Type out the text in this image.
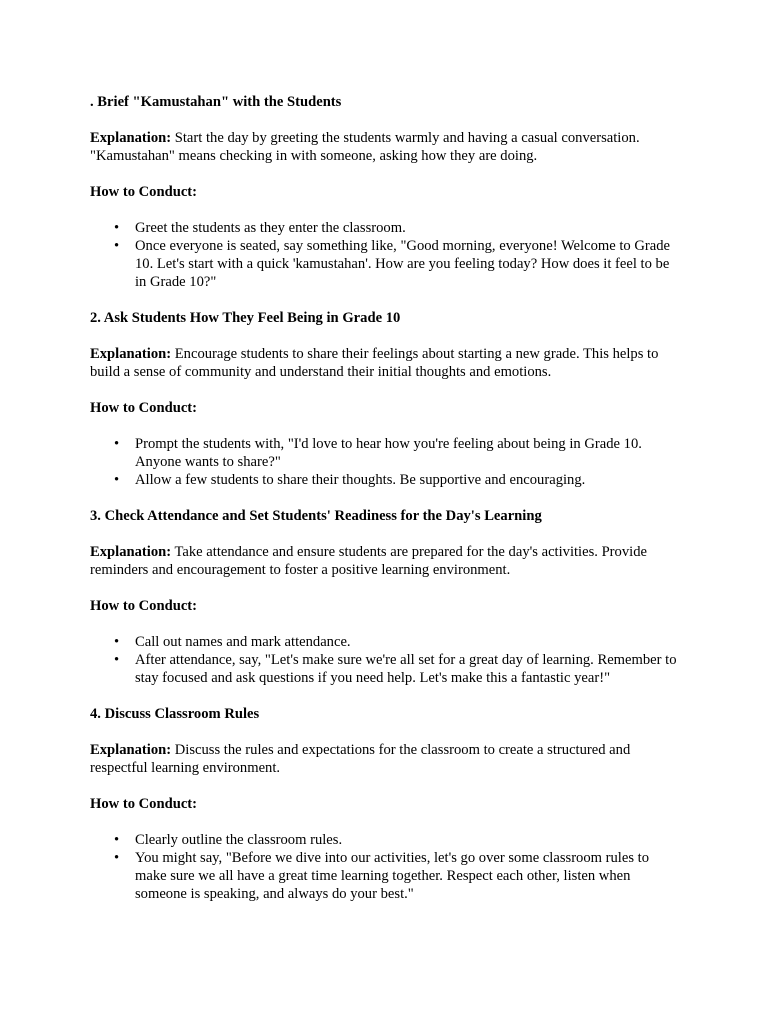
. Brief "Kamustahan" with the Students

Explanation: Start the day by greeting the students warmly and having a casual conversation. "Kamustahan" means checking in with someone, asking how they are doing.

How to Conduct:

• Greet the students as they enter the classroom.
• Once everyone is seated, say something like, "Good morning, everyone! Welcome to Grade 10. Let's start with a quick 'kamustahan'. How are you feeling today? How does it feel to be in Grade 10?"

2. Ask Students How They Feel Being in Grade 10

Explanation: Encourage students to share their feelings about starting a new grade. This helps to build a sense of community and understand their initial thoughts and emotions.

How to Conduct:

• Prompt the students with, "I'd love to hear how you're feeling about being in Grade 10. Anyone wants to share?"
• Allow a few students to share their thoughts. Be supportive and encouraging.

3. Check Attendance and Set Students' Readiness for the Day's Learning

Explanation: Take attendance and ensure students are prepared for the day's activities. Provide reminders and encouragement to foster a positive learning environment.

How to Conduct:

• Call out names and mark attendance.
• After attendance, say, "Let's make sure we're all set for a great day of learning. Remember to stay focused and ask questions if you need help. Let's make this a fantastic year!"

4. Discuss Classroom Rules

Explanation: Discuss the rules and expectations for the classroom to create a structured and respectful learning environment.

How to Conduct:

• Clearly outline the classroom rules.
• You might say, "Before we dive into our activities, let's go over some classroom rules to make sure we all have a great time learning together. Respect each other, listen when someone is speaking, and always do your best."
